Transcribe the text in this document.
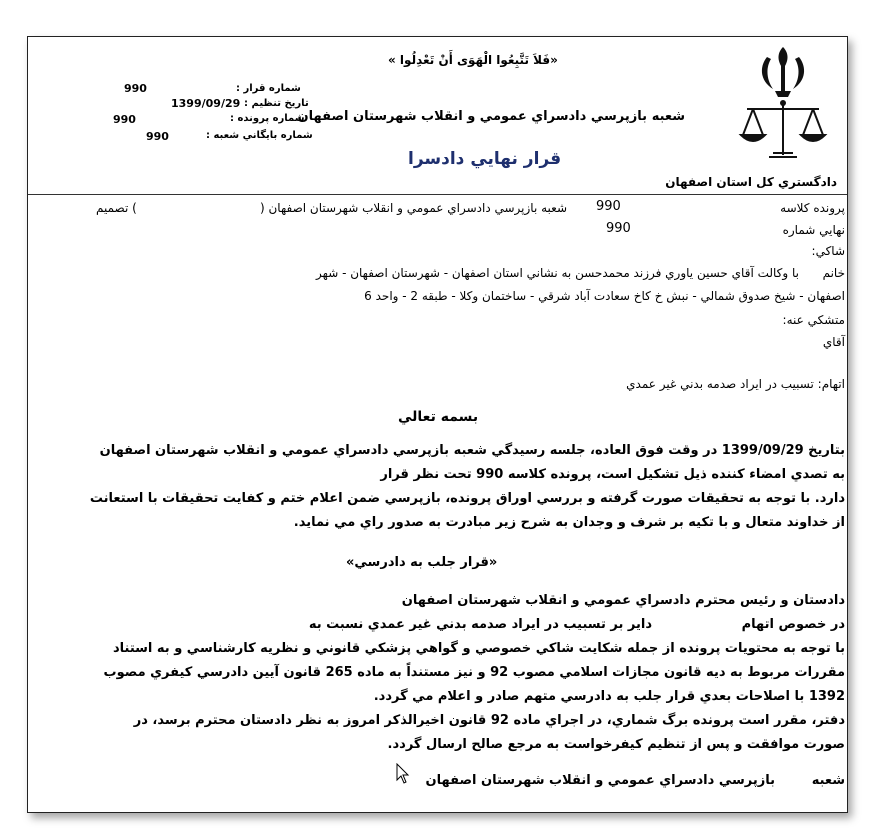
دادگستري كل استان اصفهان
«فَلاَ تَتَّبِعُوا الْهَوَى أَنْ تَعْدِلُوا »
بازپرسي دادسراي عمومي و انقلاب شهرستان اصفهان شعبه
قرار نهايي دادسرا
شماره قرار :
990
تاريخ تنظيم :
1399/09/29
شماره پرونده :
990
شماره بايگاني شعبه :
990
پرونده كلاسه
990
شعبه بازپرسي دادسراي عمومي و انقلاب شهرستان اصفهان (
) تصميم
نهايي شماره
990
شاكي:
خانم
با وكالت آقاي حسين ياوري فرزند محمدحسن به نشاني استان اصفهان - شهرستان اصفهان - شهر
اصفهان - شيخ صدوق شمالي - نبش خ كاخ سعادت آباد شرقي - ساختمان وكلا - طبقه 2 - واحد 6
متشكي عنه:
آقاي
اتهام: تسبيب در ايراد صدمه بدني غير عمدي
بسمه تعالي
بتاريخ 1399/09/29 در وقت فوق العاده، جلسه رسيدگي شعبه بازپرسي دادسراي عمومي و انقلاب شهرستان اصفهان
به تصدي امضاء كننده ذيل تشكيل است، پرونده كلاسه 990 تحت نظر قرار
دارد. با توجه به تحقيقات صورت گرفته و بررسي اوراق پرونده، بازپرسي ضمن اعلام ختم و كفايت تحقيقات با استعانت
از خداوند متعال و با تكيه بر شرف و وجدان به شرح زير مبادرت به صدور راي مي نمايد.
«قرار جلب به دادرسي»
دادستان و رئيس محترم دادسراي عمومي و انقلاب شهرستان اصفهان
در خصوص اتهام
داير بر تسبيب در ايراد صدمه بدني غير عمدي نسبت به
با توجه به محتويات پرونده از جمله شكايت شاكي خصوصي و گواهي پزشكي قانوني و نظريه كارشناسي و به استناد
مقررات مربوط به ديه قانون مجازات اسلامي مصوب 92 و نيز مستنداً به ماده 265 قانون آيين دادرسي كيفري مصوب
1392 با اصلاحات بعدي قرار جلب به دادرسي متهم صادر و اعلام مي گردد.
دفتر، مقرر است پرونده برگ شماري، در اجراي ماده 92 قانون اخيرالذكر امروز به نظر دادستان محترم برسد، در
صورت موافقت و پس از تنظيم كيفرخواست به مرجع صالح ارسال گردد.
شعبه
بازپرسي دادسراي عمومي و انقلاب شهرستان اصفهان
